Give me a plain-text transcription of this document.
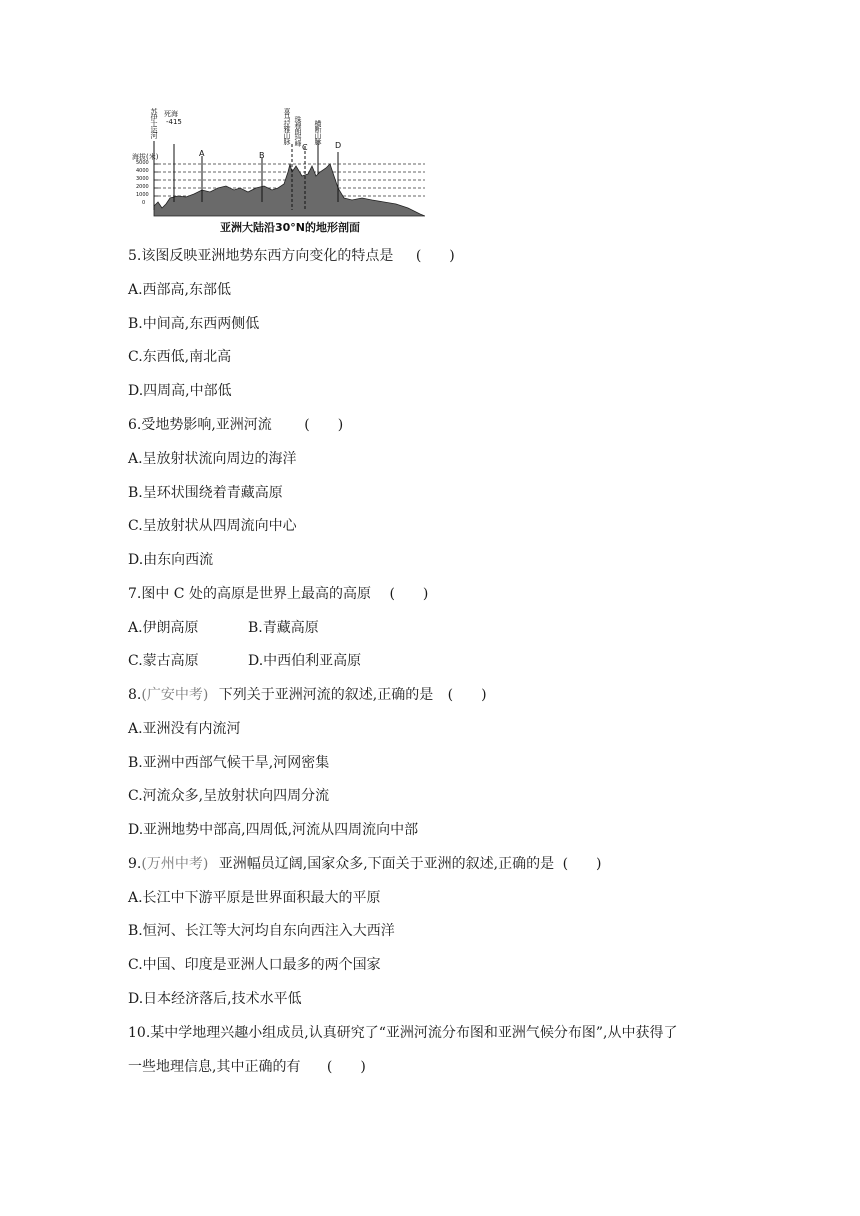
苏伊士运河 死海
-415
A	B
喜马拉雅山脉 珠穆朗玛峰
C
横断山脉
D
海拔(米)
5000
4000
3000
2000
1000
0
亚洲大陆沿30°N的地形剖面
5.该图反映亚洲地势东西方向变化的特点是 (　　)
A.西部高,东部低
B.中间高,东西两侧低
C.东西低,南北高
D.四周高,中部低
6.受地势影响,亚洲河流 (　　)
A.呈放射状流向周边的海洋
B.呈环状围绕着青藏高原
C.呈放射状从四周流向中心
D.由东向西流
7.图中 C 处的高原是世界上最高的高原 (　　)
A.伊朗高原	B.青藏高原
C.蒙古高原	D.中西伯利亚高原
8.(广安中考) 下列关于亚洲河流的叙述,正确的是 (　　)
A.亚洲没有内流河
B.亚洲中西部气候干旱,河网密集
C.河流众多,呈放射状向四周分流
D.亚洲地势中部高,四周低,河流从四周流向中部
9.(万州中考) 亚洲幅员辽阔,国家众多,下面关于亚洲的叙述,正确的是 (　　)
A.长江中下游平原是世界面积最大的平原
B.恒河、长江等大河均自东向西注入大西洋
C.中国、印度是亚洲人口最多的两个国家
D.日本经济落后,技术水平低
10.某中学地理兴趣小组成员,认真研究了“亚洲河流分布图和亚洲气候分布图”,从中获得了
一些地理信息,其中正确的有 (　　)
